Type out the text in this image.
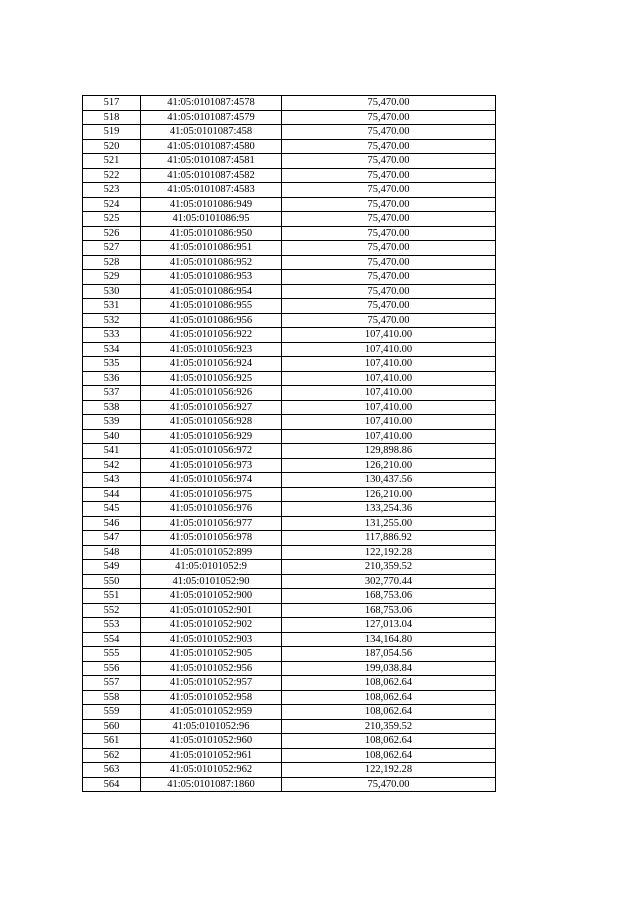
517	41:05:0101087:4578	75,470.00
518	41:05:0101087:4579	75,470.00
519	41:05:0101087:458	75,470.00
520	41:05:0101087:4580	75,470.00
521	41:05:0101087:4581	75,470.00
522	41:05:0101087:4582	75,470.00
523	41:05:0101087:4583	75,470.00
524	41:05:0101086:949	75,470.00
525	41:05:0101086:95	75,470.00
526	41:05:0101086:950	75,470.00
527	41:05:0101086:951	75,470.00
528	41:05:0101086:952	75,470.00
529	41:05:0101086:953	75,470.00
530	41:05:0101086:954	75,470.00
531	41:05:0101086:955	75,470.00
532	41:05:0101086:956	75,470.00
533	41:05:0101056:922	107,410.00
534	41:05:0101056:923	107,410.00
535	41:05:0101056:924	107,410.00
536	41:05:0101056:925	107,410.00
537	41:05:0101056:926	107,410.00
538	41:05:0101056:927	107,410.00
539	41:05:0101056:928	107,410.00
540	41:05:0101056:929	107,410.00
541	41:05:0101056:972	129,898.86
542	41:05:0101056:973	126,210.00
543	41:05:0101056:974	130,437.56
544	41:05:0101056:975	126,210.00
545	41:05:0101056:976	133,254.36
546	41:05:0101056:977	131,255.00
547	41:05:0101056:978	117,886.92
548	41:05:0101052:899	122,192.28
549	41:05:0101052:9	210,359.52
550	41:05:0101052:90	302,770.44
551	41:05:0101052:900	168,753.06
552	41:05:0101052:901	168,753.06
553	41:05:0101052:902	127,013.04
554	41:05:0101052:903	134,164.80
555	41:05:0101052:905	187,054.56
556	41:05:0101052:956	199,038.84
557	41:05:0101052:957	108,062.64
558	41:05:0101052:958	108,062.64
559	41:05:0101052:959	108,062.64
560	41:05:0101052:96	210,359.52
561	41:05:0101052:960	108,062.64
562	41:05:0101052:961	108,062.64
563	41:05:0101052:962	122,192.28
564	41:05:0101087:1860	75,470.00
